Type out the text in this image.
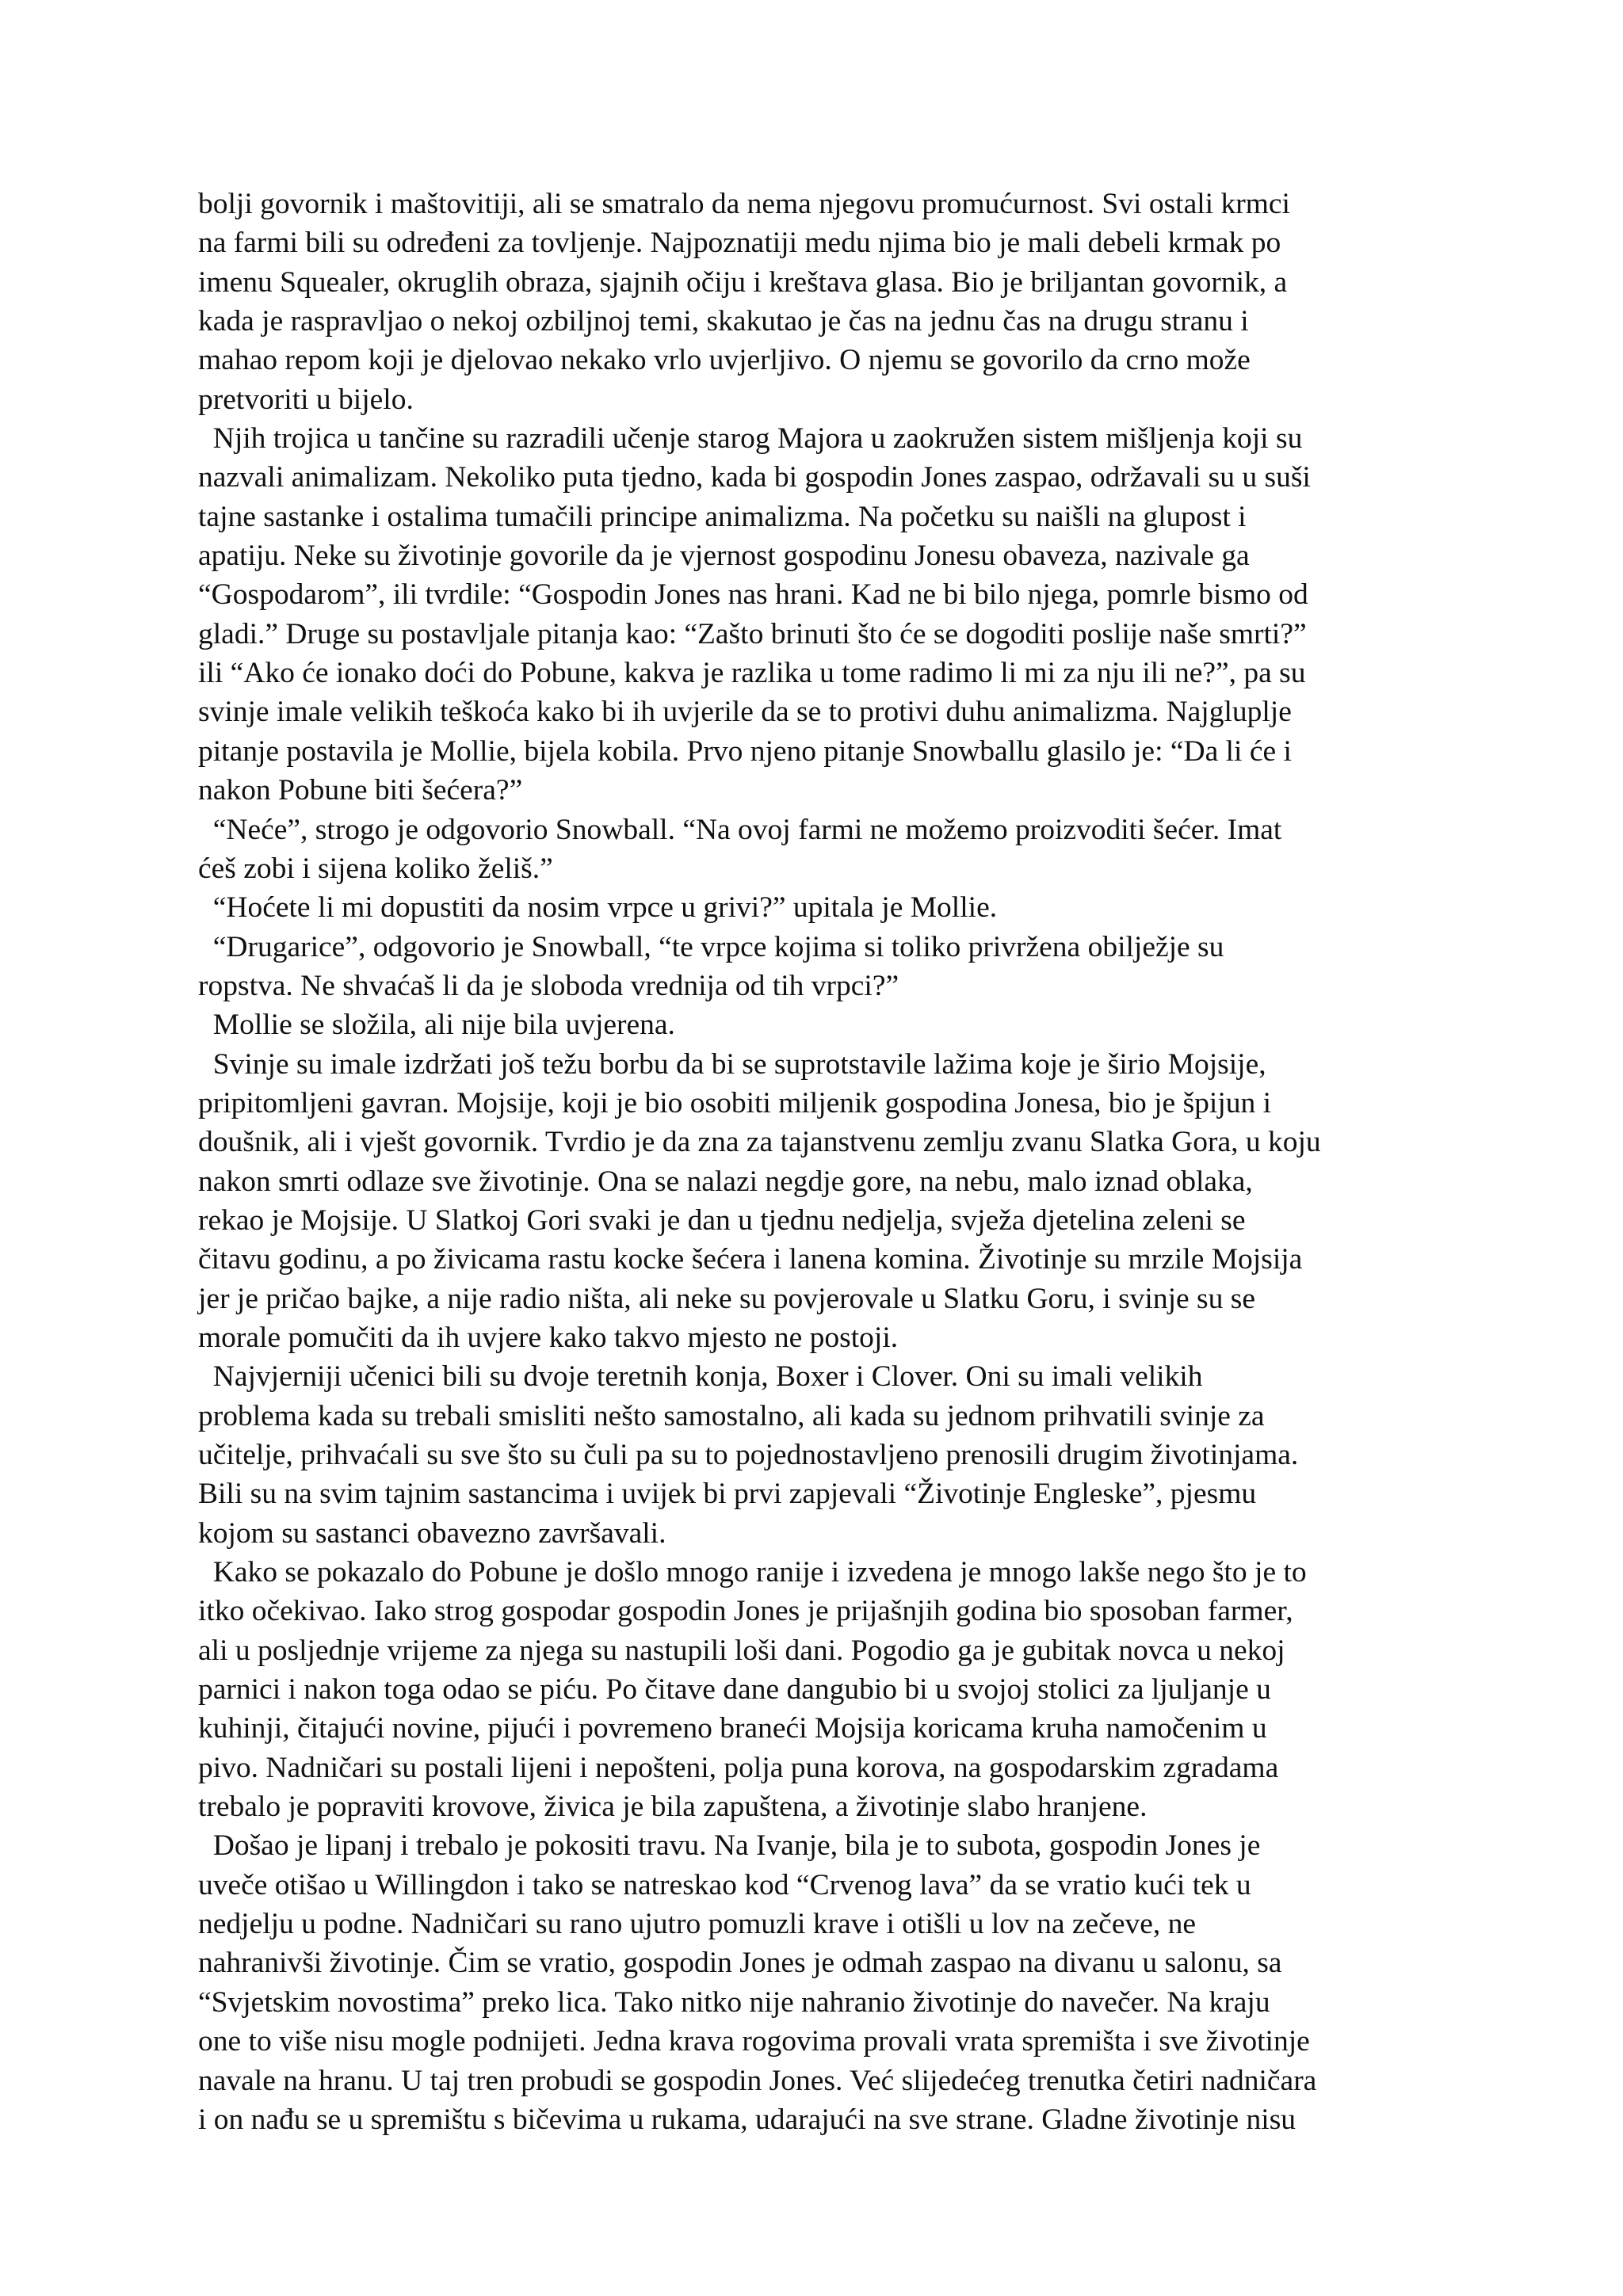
bolji govornik i maštovitiji, ali se smatralo da nema njegovu promućurnost. Svi ostali krmci
na farmi bili su određeni za tovljenje. Najpoznatiji medu njima bio je mali debeli krmak po
imenu Squealer, okruglih obraza, sjajnih očiju i kreštava glasa. Bio je briljantan govornik, a
kada je raspravljao o nekoj ozbiljnoj temi, skakutao je čas na jednu čas na drugu stranu i
mahao repom koji je djelovao nekako vrlo uvjerljivo. O njemu se govorilo da crno može
pretvoriti u bijelo.
Njih trojica u tančine su razradili učenje starog Majora u zaokružen sistem mišljenja koji su
nazvali animalizam. Nekoliko puta tjedno, kada bi gospodin Jones zaspao, održavali su u suši
tajne sastanke i ostalima tumačili principe animalizma. Na početku su naišli na glupost i
apatiju. Neke su životinje govorile da je vjernost gospodinu Jonesu obaveza, nazivale ga
“Gospodarom”, ili tvrdile: “Gospodin Jones nas hrani. Kad ne bi bilo njega, pomrle bismo od
gladi.” Druge su postavljale pitanja kao: “Zašto brinuti što će se dogoditi poslije naše smrti?”
ili “Ako će ionako doći do Pobune, kakva je razlika u tome radimo li mi za nju ili ne?”, pa su
svinje imale velikih teškoća kako bi ih uvjerile da se to protivi duhu animalizma. Najgluplje
pitanje postavila je Mollie, bijela kobila. Prvo njeno pitanje Snowballu glasilo je: “Da li će i
nakon Pobune biti šećera?”
“Neće”, strogo je odgovorio Snowball. “Na ovoj farmi ne možemo proizvoditi šećer. Imat
ćeš zobi i sijena koliko želiš.”
“Hoćete li mi dopustiti da nosim vrpce u grivi?” upitala je Mollie.
“Drugarice”, odgovorio je Snowball, “te vrpce kojima si toliko privržena obilježje su
ropstva. Ne shvaćaš li da je sloboda vrednija od tih vrpci?”
Mollie se složila, ali nije bila uvjerena.
Svinje su imale izdržati još težu borbu da bi se suprotstavile lažima koje je širio Mojsije,
pripitomljeni gavran. Mojsije, koji je bio osobiti miljenik gospodina Jonesa, bio je špijun i
doušnik, ali i vješt govornik. Tvrdio je da zna za tajanstvenu zemlju zvanu Slatka Gora, u koju
nakon smrti odlaze sve životinje. Ona se nalazi negdje gore, na nebu, malo iznad oblaka,
rekao je Mojsije. U Slatkoj Gori svaki je dan u tjednu nedjelja, svježa djetelina zeleni se
čitavu godinu, a po živicama rastu kocke šećera i lanena komina. Životinje su mrzile Mojsija
jer je pričao bajke, a nije radio ništa, ali neke su povjerovale u Slatku Goru, i svinje su se
morale pomučiti da ih uvjere kako takvo mjesto ne postoji.
Najvjerniji učenici bili su dvoje teretnih konja, Boxer i Clover. Oni su imali velikih
problema kada su trebali smisliti nešto samostalno, ali kada su jednom prihvatili svinje za
učitelje, prihvaćali su sve što su čuli pa su to pojednostavljeno prenosili drugim životinjama.
Bili su na svim tajnim sastancima i uvijek bi prvi zapjevali “Životinje Engleske”, pjesmu
kojom su sastanci obavezno završavali.
Kako se pokazalo do Pobune je došlo mnogo ranije i izvedena je mnogo lakše nego što je to
itko očekivao. Iako strog gospodar gospodin Jones je prijašnjih godina bio sposoban farmer,
ali u posljednje vrijeme za njega su nastupili loši dani. Pogodio ga je gubitak novca u nekoj
parnici i nakon toga odao se piću. Po čitave dane dangubio bi u svojoj stolici za ljuljanje u
kuhinji, čitajući novine, pijući i povremeno braneći Mojsija koricama kruha namočenim u
pivo. Nadničari su postali lijeni i nepošteni, polja puna korova, na gospodarskim zgradama
trebalo je popraviti krovove, živica je bila zapuštena, a životinje slabo hranjene.
Došao je lipanj i trebalo je pokositi travu. Na Ivanje, bila je to subota, gospodin Jones je
uveče otišao u Willingdon i tako se natreskao kod “Crvenog lava” da se vratio kući tek u
nedjelju u podne. Nadničari su rano ujutro pomuzli krave i otišli u lov na zečeve, ne
nahranivši životinje. Čim se vratio, gospodin Jones je odmah zaspao na divanu u salonu, sa
“Svjetskim novostima” preko lica. Tako nitko nije nahranio životinje do navečer. Na kraju
one to više nisu mogle podnijeti. Jedna krava rogovima provali vrata spremišta i sve životinje
navale na hranu. U taj tren probudi se gospodin Jones. Već slijedećeg trenutka četiri nadničara
i on nađu se u spremištu s bičevima u rukama, udarajući na sve strane. Gladne životinje nisu
